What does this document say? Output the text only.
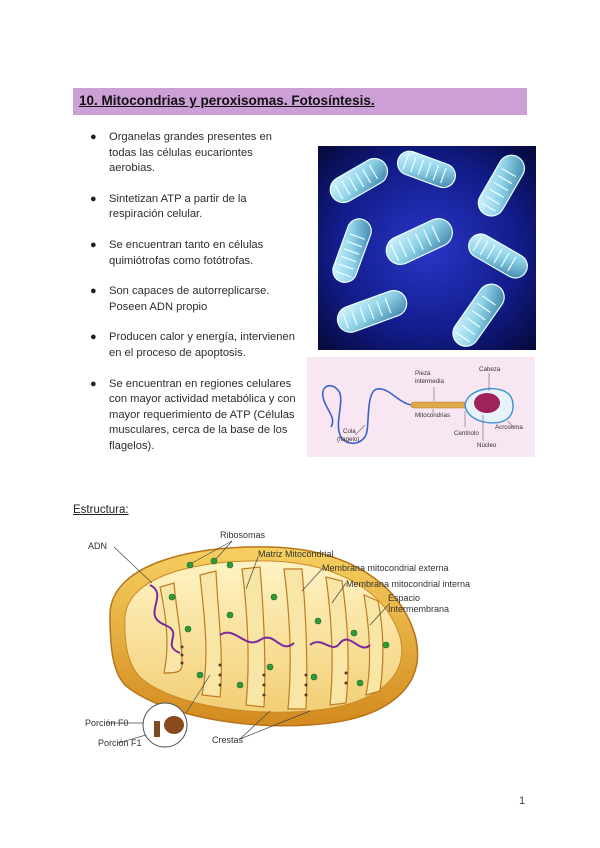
10. Mitocondrias y peroxisomas. Fotosíntesis.
● Organelas grandes presentes en todas las células eucariontes aerobias.
● Sintetizan ATP a partir de la respiración celular.
● Se encuentran tanto en células quimiótrofas como fotótrofas.
● Son capaces de autorreplicarse. Poseen ADN propio
● Producen calor y energía, intervienen en el proceso de apoptosis.
● Se encuentran en regiones celulares con mayor actividad metabólica y con mayor requerimiento de ATP (Células musculares, cerca de la base de los flagelos).
Cabeza
Pieza
intermedia
Mitocondrias
Acrosoma
Centriolo
Núcleo
Cola
(flagelo)
Estructura:
ADN
Ribosomas
Matriz Mitocondrial
Membrana mitocondrial externa
Membrana mitocondrial interna
Espacio
Intermembrana
Porción F0
Porción F1	Crestas
1
